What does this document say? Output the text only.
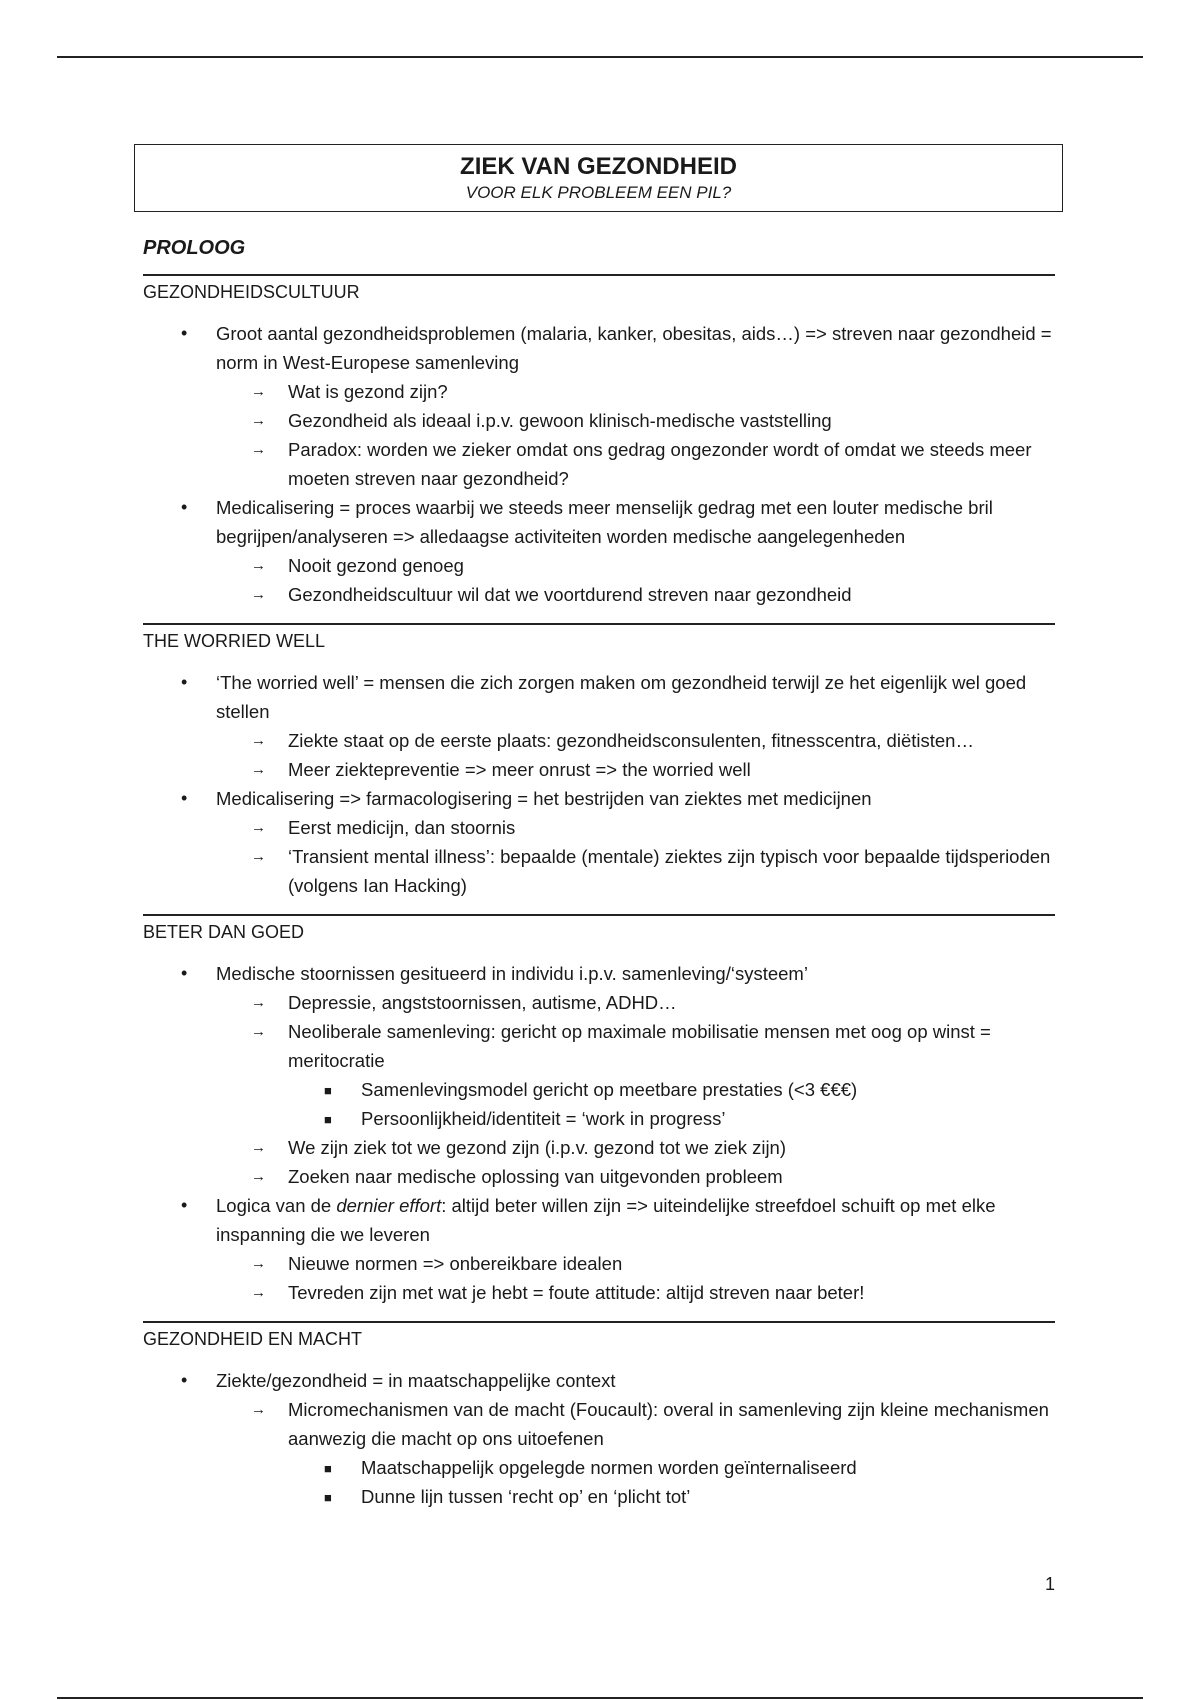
ZIEK VAN GEZONDHEID
VOOR ELK PROBLEEM EEN PIL?
PROLOOG
GEZONDHEIDSCULTUUR
• Groot aantal gezondheidsproblemen (malaria, kanker, obesitas, aids…) => streven naar gezondheid = norm in West-Europese samenleving
→ Wat is gezond zijn?
→ Gezondheid als ideaal i.p.v. gewoon klinisch-medische vaststelling
→ Paradox: worden we zieker omdat ons gedrag ongezonder wordt of omdat we steeds meer moeten streven naar gezondheid?
• Medicalisering = proces waarbij we steeds meer menselijk gedrag met een louter medische bril begrijpen/analyseren => alledaagse activiteiten worden medische aangelegenheden
→ Nooit gezond genoeg
→ Gezondheidscultuur wil dat we voortdurend streven naar gezondheid
THE WORRIED WELL
• ‘The worried well’ = mensen die zich zorgen maken om gezondheid terwijl ze het eigenlijk wel goed stellen
→ Ziekte staat op de eerste plaats: gezondheidsconsulenten, fitnesscentra, diëtisten…
→ Meer ziektepreventie => meer onrust => the worried well
• Medicalisering => farmacologisering = het bestrijden van ziektes met medicijnen
→ Eerst medicijn, dan stoornis
→ ‘Transient mental illness’: bepaalde (mentale) ziektes zijn typisch voor bepaalde tijdsperioden (volgens Ian Hacking)
BETER DAN GOED
• Medische stoornissen gesitueerd in individu i.p.v. samenleving/‘systeem’
→ Depressie, angststoornissen, autisme, ADHD…
→ Neoliberale samenleving: gericht op maximale mobilisatie mensen met oog op winst = meritocratie
■ Samenlevingsmodel gericht op meetbare prestaties (<3 €€€)
■ Persoonlijkheid/identiteit = ‘work in progress’
→ We zijn ziek tot we gezond zijn (i.p.v. gezond tot we ziek zijn)
→ Zoeken naar medische oplossing van uitgevonden probleem
• Logica van de dernier effort: altijd beter willen zijn => uiteindelijke streefdoel schuift op met elke inspanning die we leveren
→ Nieuwe normen => onbereikbare idealen
→ Tevreden zijn met wat je hebt = foute attitude: altijd streven naar beter!
GEZONDHEID EN MACHT
• Ziekte/gezondheid = in maatschappelijke context
→ Micromechanismen van de macht (Foucault): overal in samenleving zijn kleine mechanismen aanwezig die macht op ons uitoefenen
■ Maatschappelijk opgelegde normen worden geïnternaliseerd
■ Dunne lijn tussen ‘recht op’ en ‘plicht tot’
1
